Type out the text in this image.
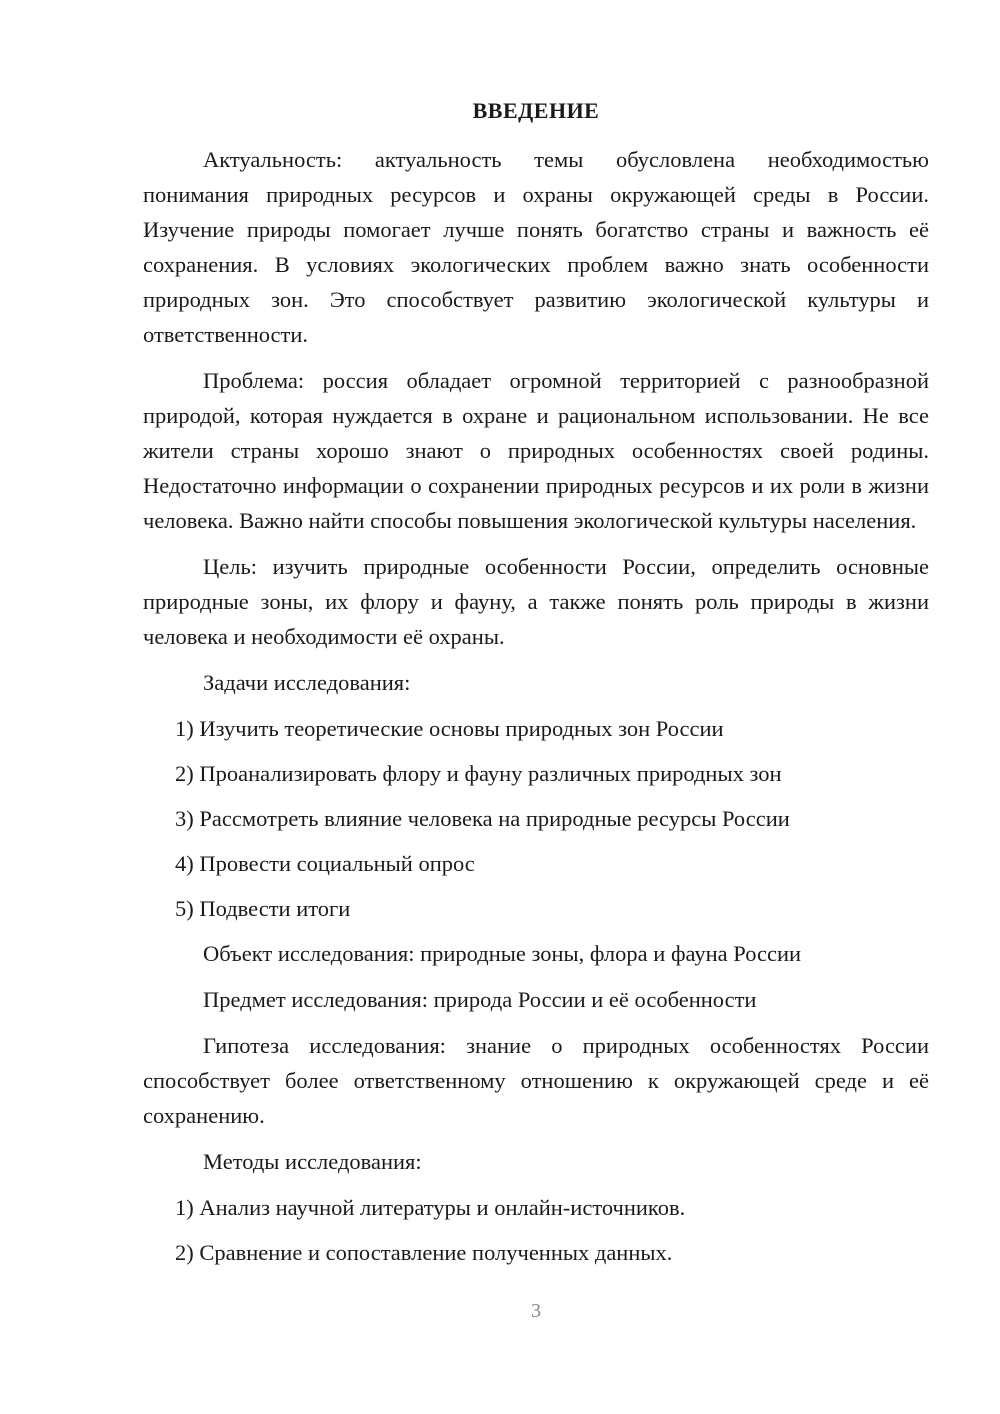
ВВЕДЕНИЕ

Актуальность: актуальность темы обусловлена необходимостью понимания природных ресурсов и охраны окружающей среды в России. Изучение природы помогает лучше понять богатство страны и важность её сохранения. В условиях экологических проблем важно знать особенности природных зон. Это способствует развитию экологической культуры и ответственности.

Проблема: россия обладает огромной территорией с разнообразной природой, которая нуждается в охране и рациональном использовании. Не все жители страны хорошо знают о природных особенностях своей родины. Недостаточно информации о сохранении природных ресурсов и их роли в жизни человека. Важно найти способы повышения экологической культуры населения.

Цель: изучить природные особенности России, определить основные природные зоны, их флору и фауну, а также понять роль природы в жизни человека и необходимости её охраны.

Задачи исследования:

1) Изучить теоретические основы природных зон России
2) Проанализировать флору и фауну различных природных зон
3) Рассмотреть влияние человека на природные ресурсы России
4) Провести социальный опрос
5) Подвести итоги

Объект исследования: природные зоны, флора и фауна России

Предмет исследования: природа России и её особенности

Гипотеза исследования: знание о природных особенностях России способствует более ответственному отношению к окружающей среде и её сохранению.

Методы исследования:

1) Анализ научной литературы и онлайн-источников.
2) Сравнение и сопоставление полученных данных.
3
